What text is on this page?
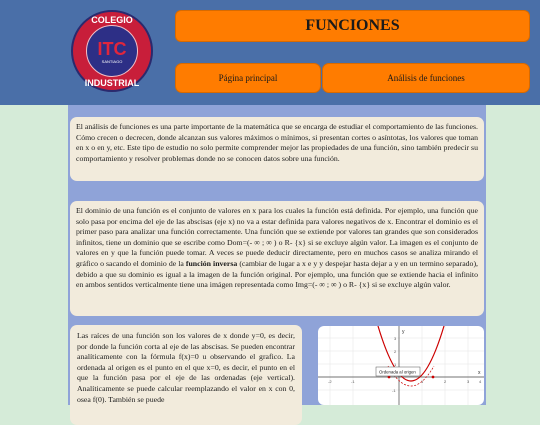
COLEGIO
ITC
SANTIAGO
INDUSTRIAL
FUNCIONES
Página principal	Análisis de funciones
El análisis de funciones es una parte importante de la matemática que se encarga de estudiar el comportamiento de las funciones. Cómo crecen o decrecen, donde alcanzan sus valores máximos o mínimos, si presentan cortes o asíntotas, los valores que toman en x o en y, etc. Este tipo de estudio no solo permite comprender mejor las propiedades de una función, sino también predecir su comportamiento y resolver problemas donde no se conocen datos sobre una función.
El dominio de una función es el conjunto de valores en x para los cuales la función está definida. Por ejemplo, una función que solo pasa por encima del eje de las abscisas (eje x) no va a estar definida para valores negativos de x. Encontrar el dominio es el primer paso para analizar una función correctamente. Una función que se extiende por valores tan grandes que son considerados infinitos, tiene un dominio que se escribe como Dom=(- ∞ ; ∞ ) o R- {x} si se excluye algún valor. La imagen es el conjunto de valores en y que la función puede tomar. A veces se puede deducir directamente, pero en muchos casos se analiza mirando el gráfico o sacando el dominio de la función inversa (cambiar de lugar a x e y y despejar hasta dejar a y en un termino separado), debido a que su dominio es igual a la imagen de la función original. Por ejemplo, una función que se extiende hacia el infinito en ambos sentidos verticalmente tiene una imágen representada como Img=(- ∞ ; ∞ ) o R- {x} si se excluye algún valor.
Las raíces de una función son los valores de x donde y=0, es decir, por donde la función corta al eje de las abscisas. Se pueden encontrar analíticamente con la fórmula f(x)=0 u observando el grafico. La ordenada al origen es el punto en el que x=0, es decir, el punto en el que la función pasa por el eje de las ordenadas (eje vertical). Analíticamente se puede calcular reemplazando el valor en x con 0, osea f(0). También se puede
y
x
-2	-1	1	2	3 4
3
2
1
-1
Ordenada al origen
